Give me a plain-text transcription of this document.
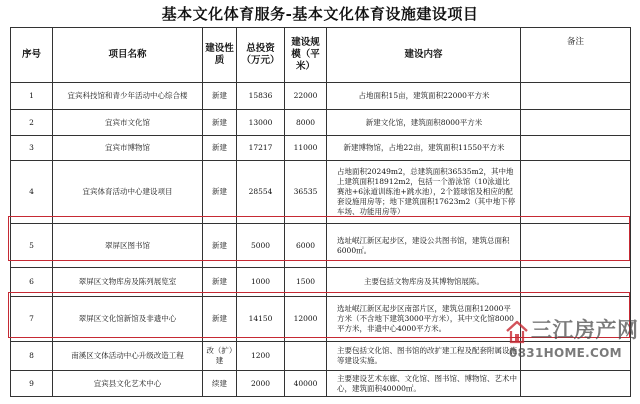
基本文化体育服务-基本文化体育设施建设项目
序号	项目名称	建设性质	总投资（万元）	建设规模（平米）	建设内容	备注
1	宜宾科技馆和青少年活动中心综合楼	新建	15836	22000	占地面积15亩，建筑面积22000平方米	
2	宜宾市文化馆	新建	13000	8000	新建文化馆，建筑面积8000平方米	
3	宜宾市博物馆	新建	17217	11000	新建博物馆，占地22亩，建筑面积11550平方米	
4	宜宾体育活动中心建设项目	新建	28554	36535	占地面积20249m2，总建筑面积36535m2，其中地上建筑面积18912m2，包括一个游泳馆（10泳道比赛池+6泳道训练池+跳水池），2个篮球馆及相应的配套设施用房等；地下建筑面积17623m2（其中地下停车场、功能用房等）	
5	翠屏区图书馆	新建	5000	6000	选址岷江新区起步区，建设公共图书馆，建筑总面积6000㎡。	
6	翠屏区文物库房及陈列展览室	新建	1000	1500	主要包括文物库房及其博物馆展陈。	
7	翠屏区文化馆新馆及非遗中心	新建	14150	12000	选址岷江新区起步区南部片区，建筑总面积12000平方米（不含地下建筑3000平方米），其中文化馆8000平方米，非遗中心4000平方米。	
8	南溪区文体活动中心升级改造工程	改（扩）建	1200		主要包括文化馆、图书馆的改扩建工程及配套附属设施等建设实施。	
9	宜宾县文化艺术中心	续建	2000	40000	主要建设艺术东廊、文化馆、图书馆、博物馆、艺术中心，建筑面积40000㎡。	
三江房产网
0831HOME.COM
